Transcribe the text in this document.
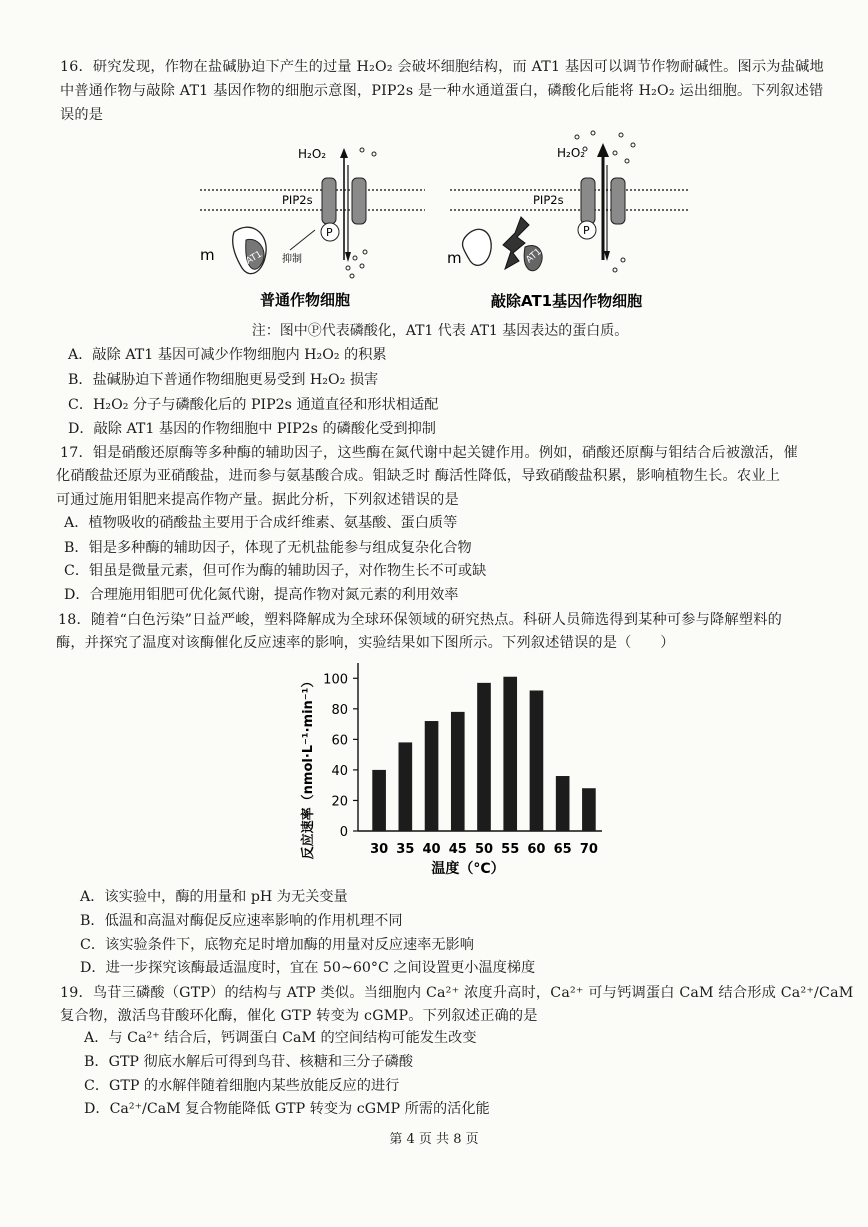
16．研究发现，作物在盐碱胁迫下产生的过量 H₂O₂ 会破坏细胞结构，而 AT1 基因可以调节作物耐碱性。图示为盐碱地
中普通作物与敲除 AT1 基因作物的细胞示意图，PIP2s 是一种水通道蛋白，磷酸化后能将 H₂O₂ 运出细胞。下列叙述错
误的是
H₂O₂
PIP2s
P
AT1
m	抑制
普通作物细胞
H₂O₂
PIP2s
P
m	AT1
敲除AT1基因作物细胞
注：图中Ⓟ代表磷酸化，AT1 代表 AT1 基因表达的蛋白质。
A．敲除 AT1 基因可减少作物细胞内 H₂O₂ 的积累
B．盐碱胁迫下普通作物细胞更易受到 H₂O₂ 损害
C．H₂O₂ 分子与磷酸化后的 PIP2s 通道直径和形状相适配
D．敲除 AT1 基因的作物细胞中 PIP2s 的磷酸化受到抑制
17．钼是硝酸还原酶等多种酶的辅助因子，这些酶在氮代谢中起关键作用。例如，硝酸还原酶与钼结合后被激活，催
化硝酸盐还原为亚硝酸盐，进而参与氨基酸合成。钼缺乏时 酶活性降低，导致硝酸盐积累，影响植物生长。农业上
可通过施用钼肥来提高作物产量。据此分析，下列叙述错误的是
A．植物吸收的硝酸盐主要用于合成纤维素、氨基酸、蛋白质等
B．钼是多种酶的辅助因子，体现了无机盐能参与组成复杂化合物
C．钼虽是微量元素，但可作为酶的辅助因子，对作物生长不可或缺
D．合理施用钼肥可优化氮代谢，提高作物对氮元素的利用效率
18．随着“白色污染”日益严峻，塑料降解成为全球环保领域的研究热点。科研人员筛选得到某种可参与降解塑料的
酶，并探究了温度对该酶催化反应速率的影响，实验结果如下图所示。下列叙述错误的是（　　）
0
20
40
60
80
100
30 35 40 45 50 55 60 65 70
温度（°C）
反应速率（nmol·L⁻¹·min⁻¹）
A．该实验中，酶的用量和 pH 为无关变量
B．低温和高温对酶促反应速率影响的作用机理不同
C．该实验条件下，底物充足时增加酶的用量对反应速率无影响
D．进一步探究该酶最适温度时，宜在 50~60°C 之间设置更小温度梯度
19．鸟苷三磷酸（GTP）的结构与 ATP 类似。当细胞内 Ca²⁺ 浓度升高时，Ca²⁺ 可与钙调蛋白 CaM 结合形成 Ca²⁺/CaM
复合物，激活鸟苷酸环化酶，催化 GTP 转变为 cGMP。下列叙述正确的是
A．与 Ca²⁺ 结合后，钙调蛋白 CaM 的空间结构可能发生改变
B．GTP 彻底水解后可得到鸟苷、核糖和三分子磷酸
C．GTP 的水解伴随着细胞内某些放能反应的进行
D．Ca²⁺/CaM 复合物能降低 GTP 转变为 cGMP 所需的活化能
第 4 页 共 8 页
